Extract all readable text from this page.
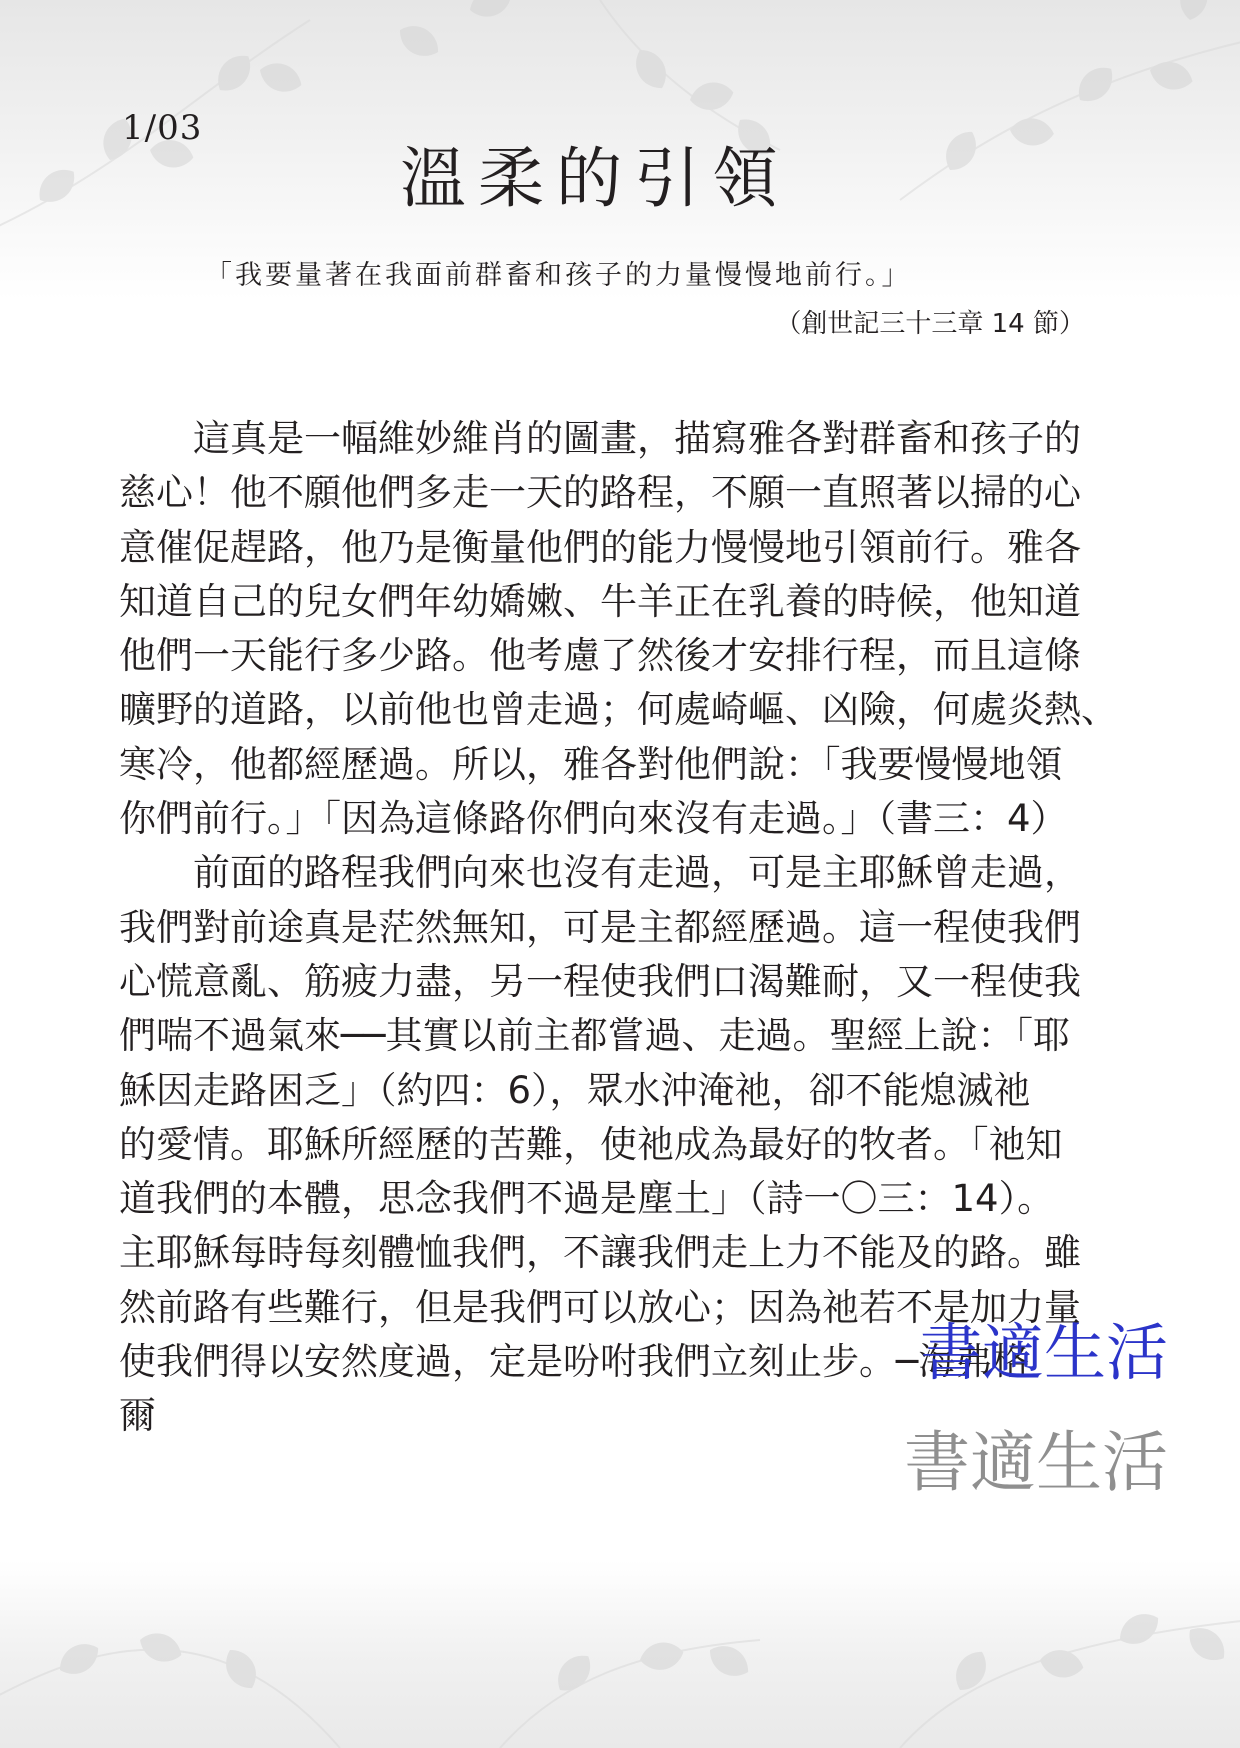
1/03
溫柔的引領
「我要量著在我面前群畜和孩子的力量慢慢地前行。」
（創世記三十三章 14 節）
這真是一幅維妙維肖的圖畫，描寫雅各對群畜和孩子的
慈心！他不願他們多走一天的路程，不願一直照著以掃的心
意催促趕路，他乃是衡量他們的能力慢慢地引領前行。雅各
知道自己的兒女們年幼嬌嫩、牛羊正在乳養的時候，他知道
他們一天能行多少路。他考慮了然後才安排行程，而且這條
曠野的道路，以前他也曾走過；何處崎嶇、凶險，何處炎熱、
寒冷，他都經歷過。所以，雅各對他們說：「我要慢慢地領
你們前行。」「因為這條路你們向來沒有走過。」（書三：4）
前面的路程我們向來也沒有走過，可是主耶穌曾走過，
我們對前途真是茫然無知，可是主都經歷過。這一程使我們
心慌意亂、筋疲力盡，另一程使我們口渴難耐，又一程使我
們喘不過氣來──其實以前主都嘗過、走過。聖經上說：「耶
穌因走路困乏」（約四：6），眾水沖淹祂，卻不能熄滅祂
的愛情。耶穌所經歷的苦難，使祂成為最好的牧者。「祂知
道我們的本體，思念我們不過是塵土」（詩一〇三：14）。
主耶穌每時每刻體恤我們，不讓我們走上力不能及的路。雖
然前路有些難行，但是我們可以放心；因為祂若不是加力量
使我們得以安然度過，定是吩咐我們立刻止步。─海弗格
爾
書適生活
書適生活
